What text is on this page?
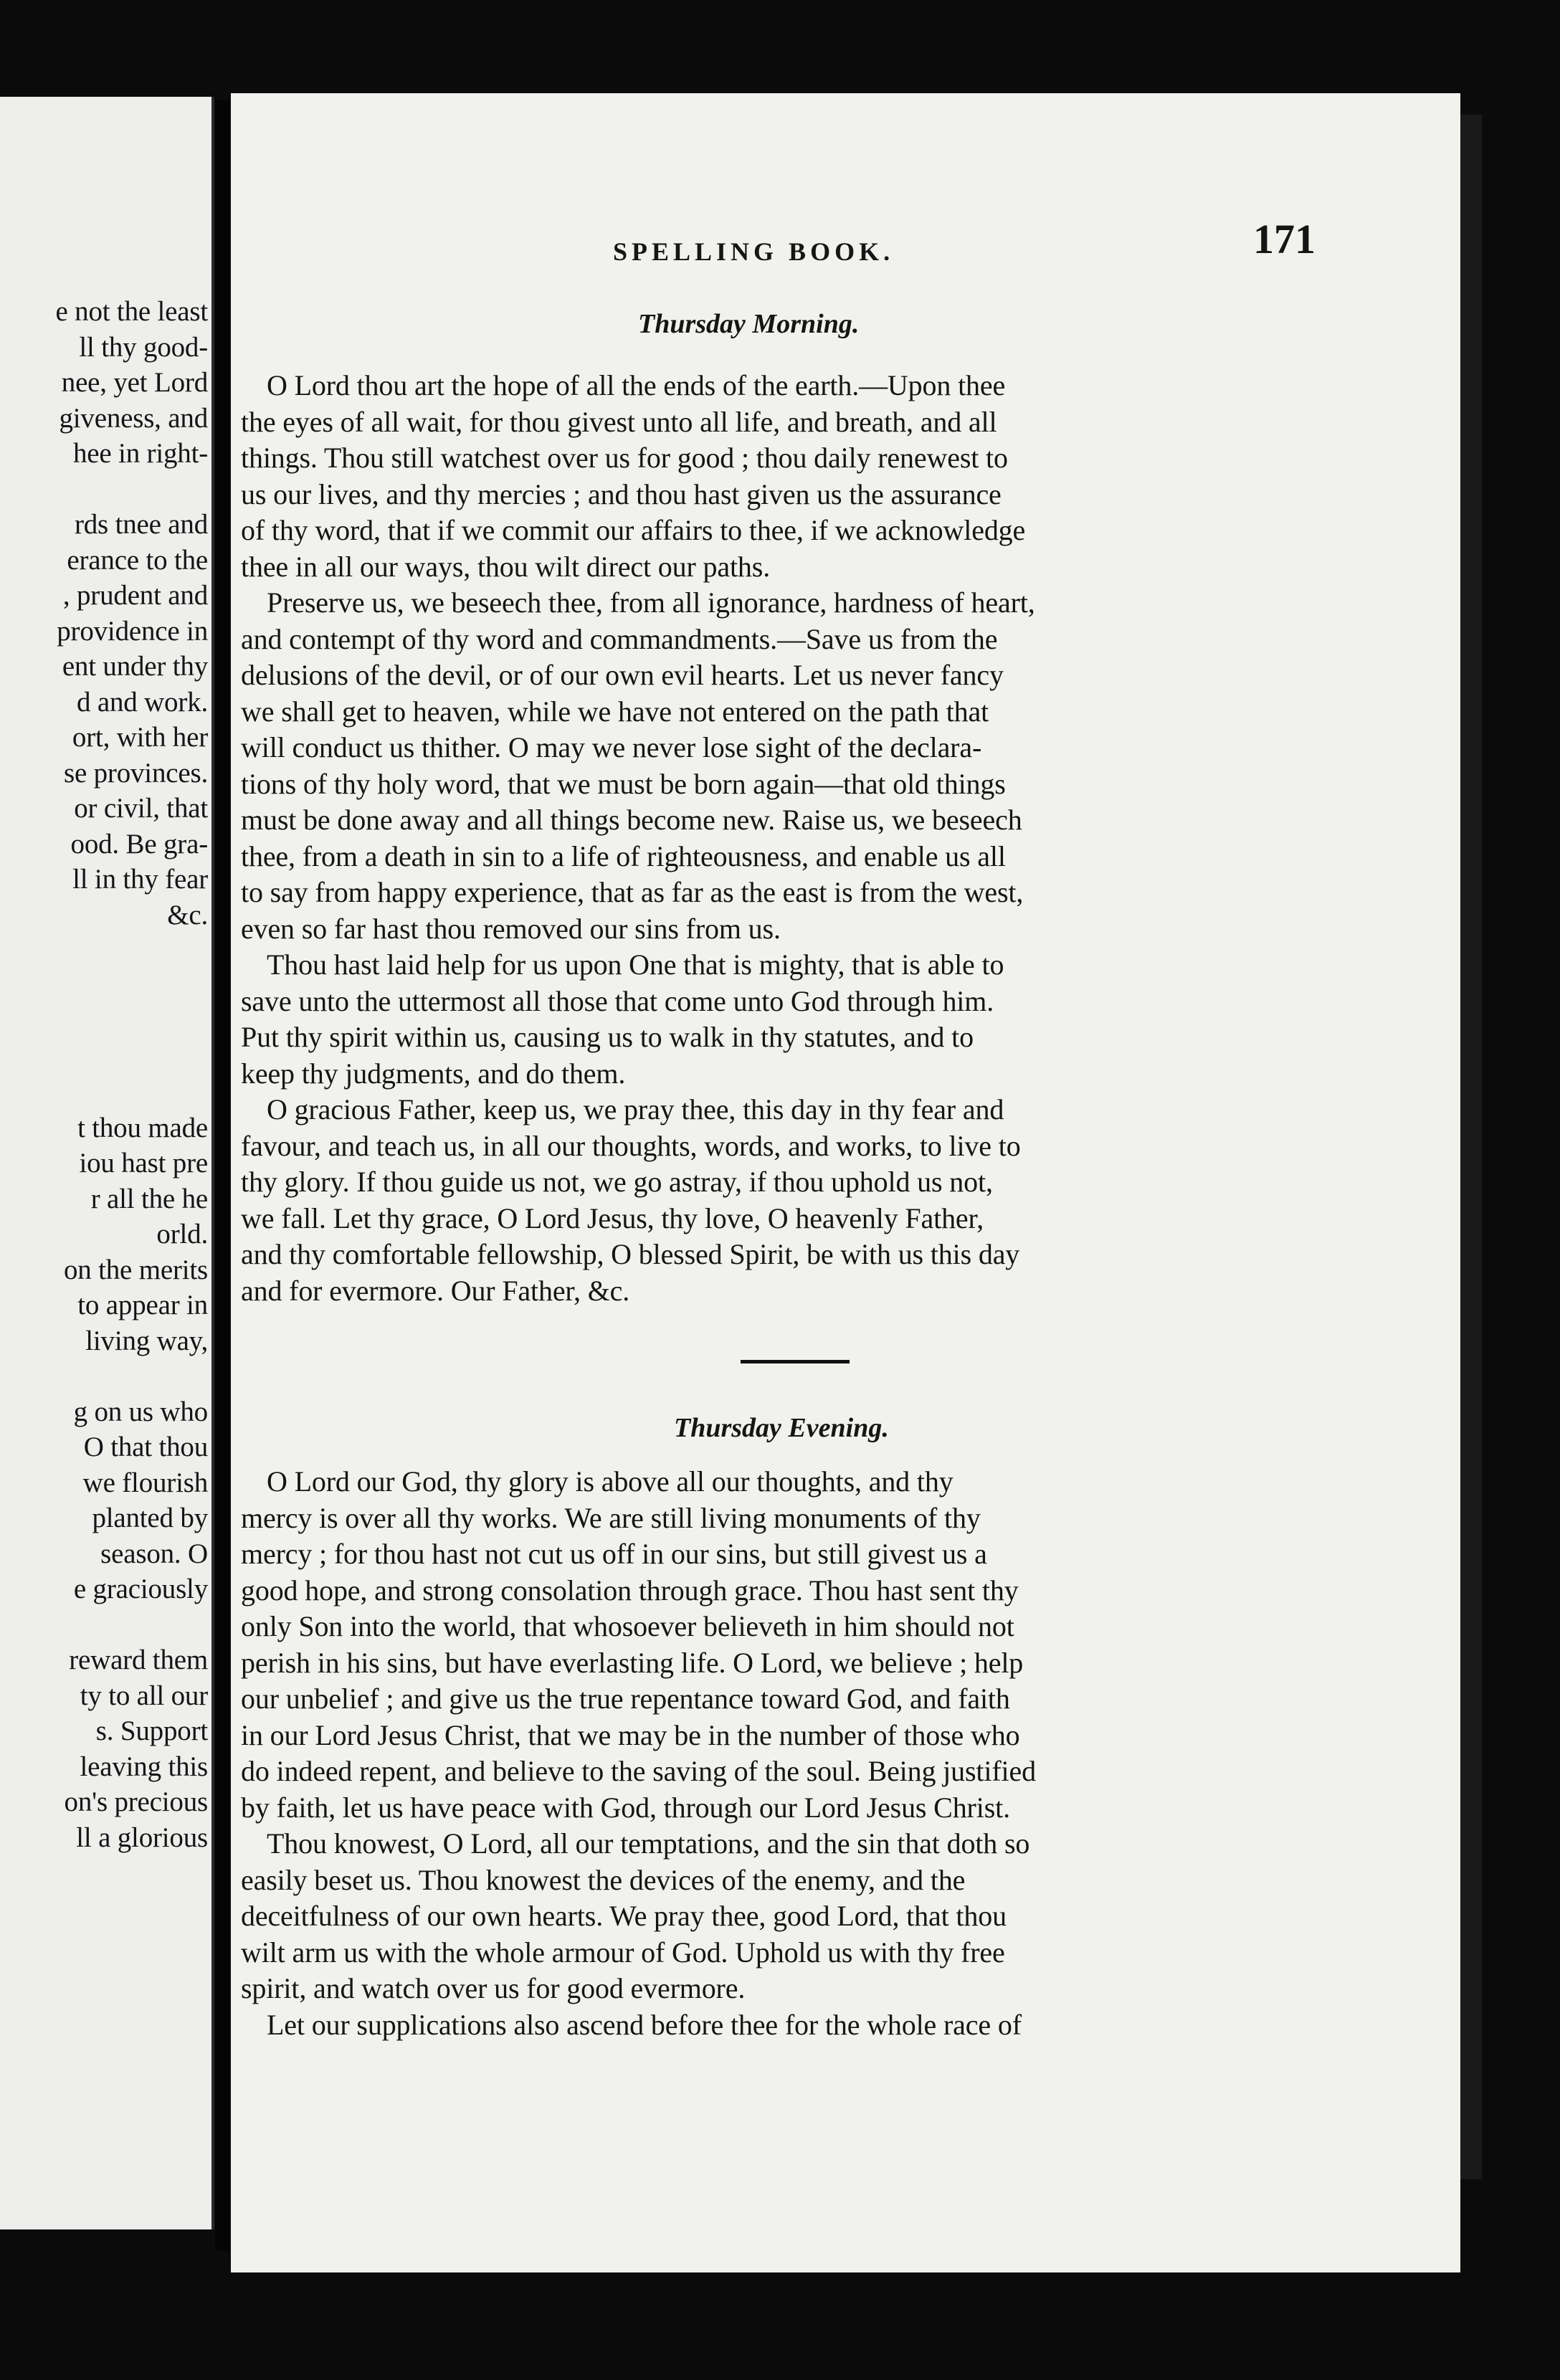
e not the least
ll thy good-
nee, yet Lord
giveness, and
hee in right-

rds tnee and
erance to the
, prudent and
providence in
ent under thy
d and work.
ort, with her
se provinces.
or civil, that
ood. Be gra-
ll in thy fear
&c.

t thou made
iou hast pre
r all the he
orld.
on the merits
to appear in
living way,

g on us who
O that thou
we flourish
planted by
season. O
e graciously

reward them
ty to all our
s. Support
leaving this
on's precious
ll a glorious
SPELLING BOOK.	171
Thursday Morning.
O Lord thou art the hope of all the ends of the earth.—Upon thee
the eyes of all wait, for thou givest unto all life, and breath, and all
things. Thou still watchest over us for good ; thou daily renewest to
us our lives, and thy mercies ; and thou hast given us the assurance
of thy word, that if we commit our affairs to thee, if we acknowledge
thee in all our ways, thou wilt direct our paths.
Preserve us, we beseech thee, from all ignorance, hardness of heart,
and contempt of thy word and commandments.—Save us from the
delusions of the devil, or of our own evil hearts. Let us never fancy
we shall get to heaven, while we have not entered on the path that
will conduct us thither. O may we never lose sight of the declara-
tions of thy holy word, that we must be born again—that old things
must be done away and all things become new. Raise us, we beseech
thee, from a death in sin to a life of righteousness, and enable us all
to say from happy experience, that as far as the east is from the west,
even so far hast thou removed our sins from us.
Thou hast laid help for us upon One that is mighty, that is able to
save unto the uttermost all those that come unto God through him.
Put thy spirit within us, causing us to walk in thy statutes, and to
keep thy judgments, and do them.
O gracious Father, keep us, we pray thee, this day in thy fear and
favour, and teach us, in all our thoughts, words, and works, to live to
thy glory. If thou guide us not, we go astray, if thou uphold us not,
we fall. Let thy grace, O Lord Jesus, thy love, O heavenly Father,
and thy comfortable fellowship, O blessed Spirit, be with us this day
and for evermore. Our Father, &c.
Thursday Evening.
O Lord our God, thy glory is above all our thoughts, and thy
mercy is over all thy works. We are still living monuments of thy
mercy ; for thou hast not cut us off in our sins, but still givest us a
good hope, and strong consolation through grace. Thou hast sent thy
only Son into the world, that whosoever believeth in him should not
perish in his sins, but have everlasting life. O Lord, we believe ; help
our unbelief ; and give us the true repentance toward God, and faith
in our Lord Jesus Christ, that we may be in the number of those who
do indeed repent, and believe to the saving of the soul. Being justified
by faith, let us have peace with God, through our Lord Jesus Christ.
Thou knowest, O Lord, all our temptations, and the sin that doth so
easily beset us. Thou knowest the devices of the enemy, and the
deceitfulness of our own hearts. We pray thee, good Lord, that thou
wilt arm us with the whole armour of God. Uphold us with thy free
spirit, and watch over us for good evermore.
Let our supplications also ascend before thee for the whole race of
